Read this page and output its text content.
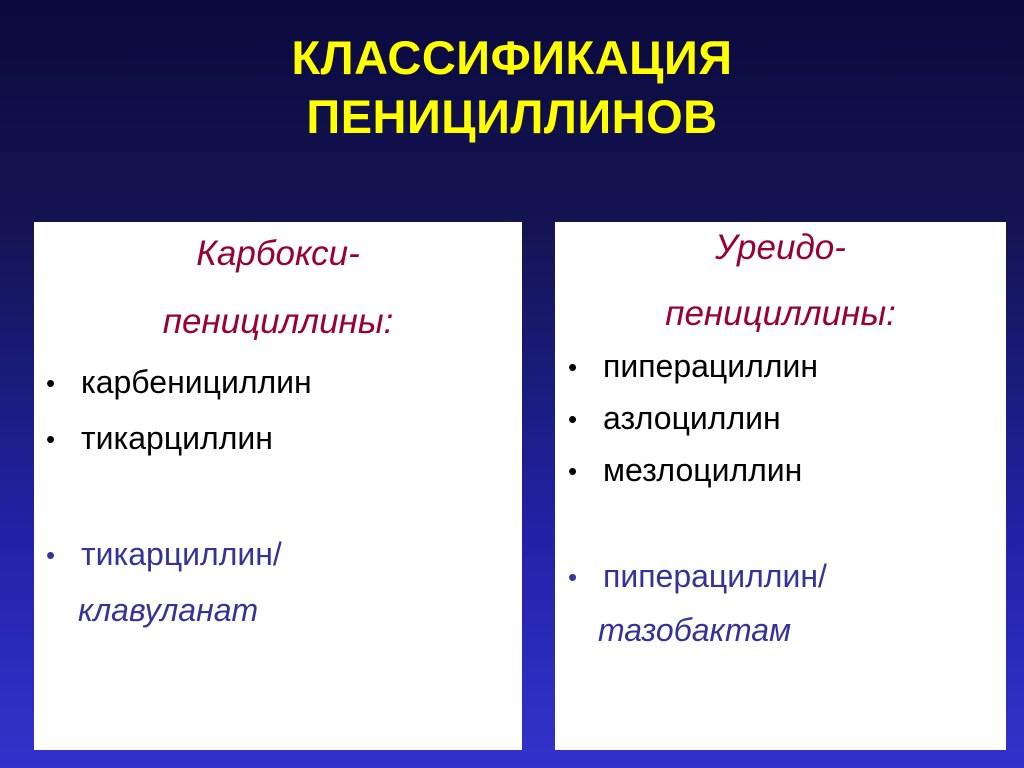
КЛАССИФИКАЦИЯ
ПЕНИЦИЛЛИНОВ
Карбокси-
пенициллины:
• карбенициллин
• тикарциллин
• тикарциллин/
клавуланат
Уреидо-
пенициллины:
• пиперациллин
• азлоциллин
• мезлоциллин
• пиперациллин/
тазобактам
